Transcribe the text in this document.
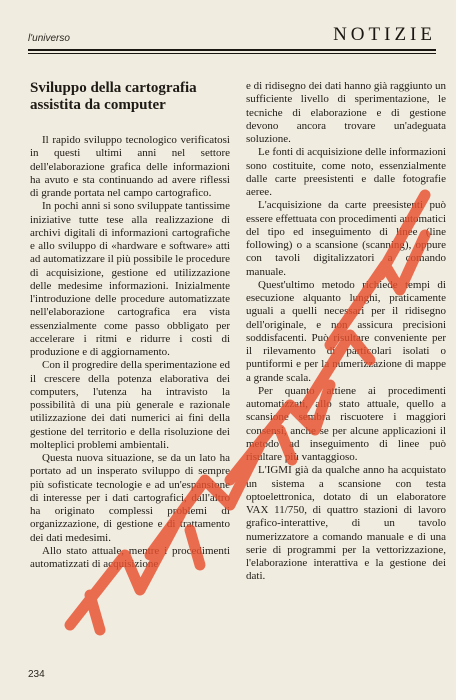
l'universo	NOTIZIE
Sviluppo della cartografia assistita da computer

Il rapido sviluppo tecnologico verificatosi in questi ultimi anni nel settore dell'elaborazione grafica delle informazioni ha avuto e sta continuando ad avere riflessi di grande portata nel campo cartografico.

In pochi anni si sono sviluppate tantissime iniziative tutte tese alla realizzazione di archivi digitali di informazioni cartografiche e allo sviluppo di «hardware e software» atti ad automatizzare il più possibile le procedure di acquisizione, gestione ed utilizzazione delle medesime informazioni. Inizialmente l'introduzione delle procedure automatizzate nell'elaborazione cartografica era vista essenzialmente come passo obbligato per accelerare i ritmi e ridurre i costi di produzione e di aggiornamento.

Con il progredire della sperimentazione ed il crescere della potenza elaborativa dei computers, l'utenza ha intravisto la possibilità di una più generale e razionale utilizzazione dei dati numerici ai fini della gestione del territorio e della risoluzione dei molteplici problemi ambientali.

Questa nuova situazione, se da un lato ha portato ad un insperato sviluppo di sempre più sofisticate tecnologie e ad un'espansione di interesse per i dati cartografici, dall'altro ha originato complessi problemi di organizzazione, di gestione e di trattamento dei dati medesimi.

Allo stato attuale, mentre i procedimenti automatizzati di acquisizione

e di ridisegno dei dati hanno già raggiunto un sufficiente livello di sperimentazione, le tecniche di elaborazione e di gestione devono ancora trovare un'adeguata soluzione.

Le fonti di acquisizione delle informazioni sono costituite, come noto, essenzialmente dalle carte preesistenti e dalle fotografie aeree.

L'acquisizione da carte preesistenti può essere effettuata con procedimenti automatici del tipo ed inseguimento di linee (line following) o a scansione (scanning), oppure con tavoli digitalizzatori a comando manuale.

Quest'ultimo metodo richiede tempi di esecuzione alquanto lunghi, praticamente uguali a quelli necessari per il ridisegno dell'originale, e non assicura precisioni soddisfacenti. Può risultare conveniente per il rilevamento di particolari isolati o puntiformi e per la numerizzazione di mappe a grande scala.

Per quanto attiene ai procedimenti automatizzati, allo stato attuale, quello a scansione sembra riscuotere i maggiori consensi, anche se per alcune applicazioni il metodo ad inseguimento di linee può risultare più vantaggioso.

L'IGMI già da qualche anno ha acquistato un sistema a scansione con testa optoelettronica, dotato di un elaboratore VAX 11/750, di quattro stazioni di lavoro grafico-interattive, di un tavolo numerizzatore a comando manuale e di una serie di programmi per la vettorizzazione, l'elaborazione interattiva e la gestione dei dati.

234
